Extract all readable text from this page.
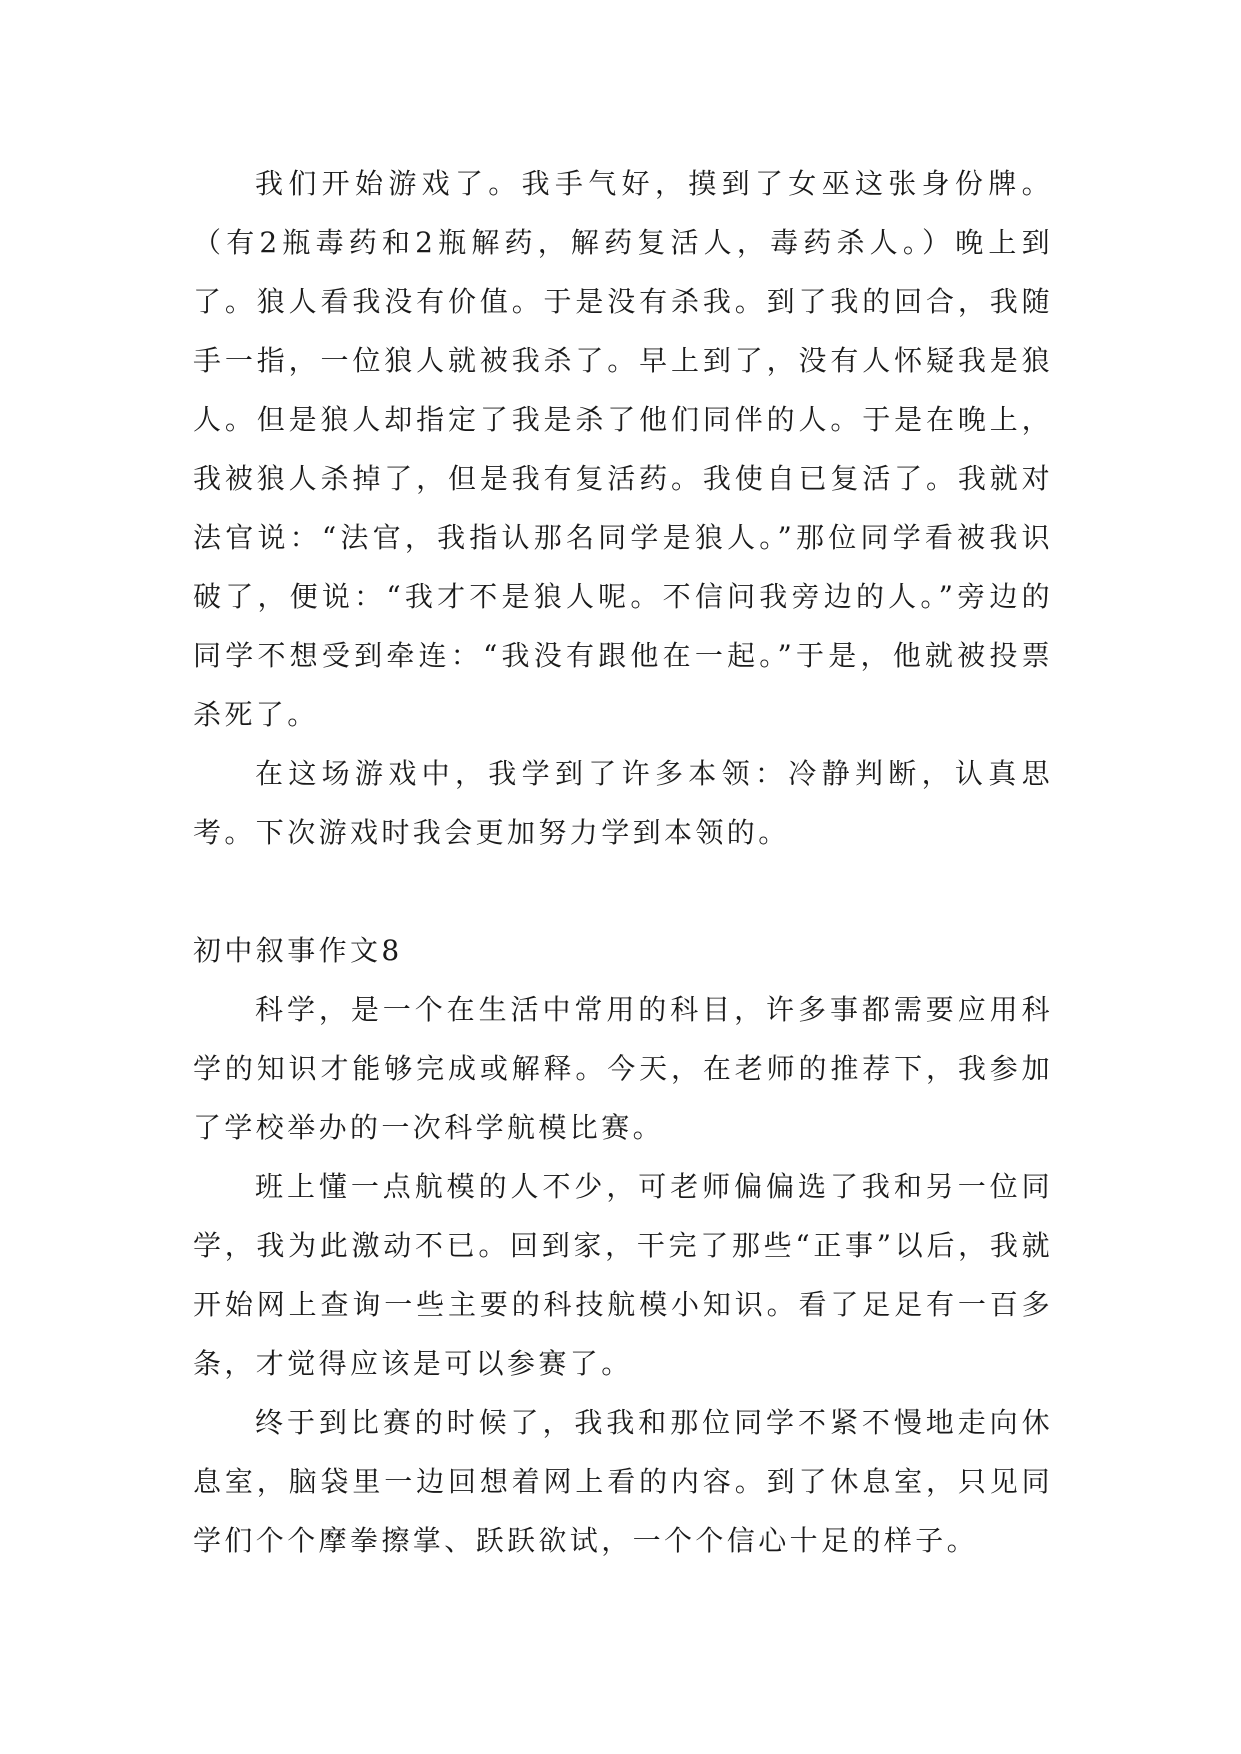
我们开始游戏了。我手气好，摸到了女巫这张身份牌。（有2瓶毒药和2瓶解药，解药复活人，毒药杀人。）晚上到了。狼人看我没有价值。于是没有杀我。到了我的回合，我随手一指，一位狼人就被我杀了。早上到了，没有人怀疑我是狼人。但是狼人却指定了我是杀了他们同伴的人。于是在晚上，我被狼人杀掉了，但是我有复活药。我使自已复活了。我就对法官说：“法官，我指认那名同学是狼人。”那位同学看被我识破了，便说：“我才不是狼人呢。不信问我旁边的人。”旁边的同学不想受到牵连：“我没有跟他在一起。”于是，他就被投票杀死了。

在这场游戏中，我学到了许多本领：冷静判断，认真思考。下次游戏时我会更加努力学到本领的。

初中叙事作文8

科学，是一个在生活中常用的科目，许多事都需要应用科学的知识才能够完成或解释。今天，在老师的推荐下，我参加了学校举办的一次科学航模比赛。

班上懂一点航模的人不少，可老师偏偏选了我和另一位同学，我为此激动不已。回到家，干完了那些“正事”以后，我就开始网上查询一些主要的科技航模小知识。看了足足有一百多条，才觉得应该是可以参赛了。

终于到比赛的时候了，我我和那位同学不紧不慢地走向休息室，脑袋里一边回想着网上看的内容。到了休息室，只见同学们个个摩拳擦掌、跃跃欲试，一个个信心十足的样子。
